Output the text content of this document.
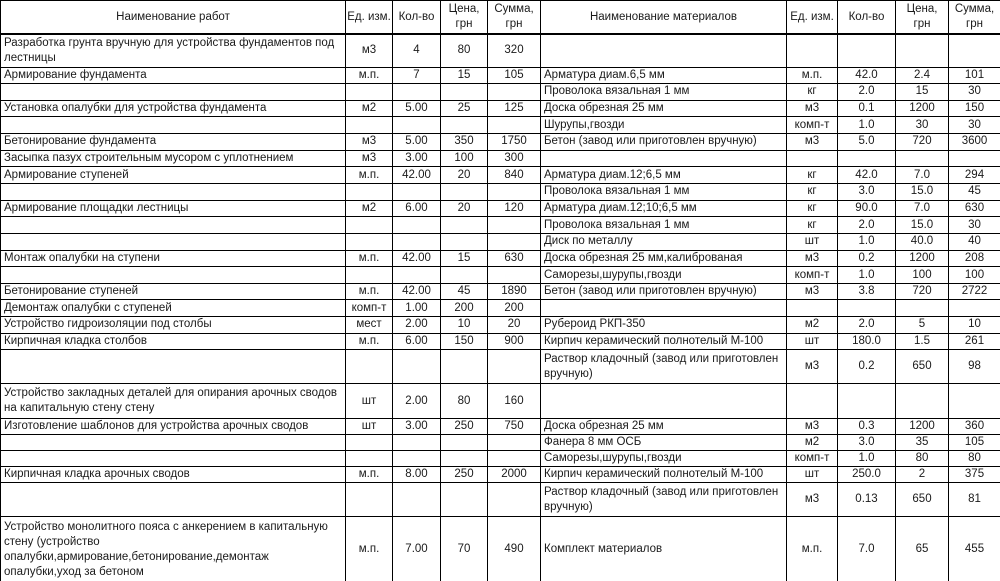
Наименование работ	Ед. изм.	Кол-во	Цена, грн	Сумма, грн	Наименование материалов	Ед. изм.	Кол-во	Цена, грн	Сумма, грн
Разработка грунта вручную для устройства фундаментов под лестницы	м3	4	80	320					
Армирование фундамента	м.п.	7	15	105	Арматура диам.6,5 мм	м.п.	42.0	2.4	101
					Проволока вязальная 1 мм	кг	2.0	15	30
Установка опалубки для устройства фундамента	м2	5.00	25	125	Доска обрезная 25 мм	м3	0.1	1200	150
					Шурупы,гвозди	комп-т	1.0	30	30
Бетонирование фундамента	м3	5.00	350	1750	Бетон (завод или приготовлен вручную)	м3	5.0	720	3600
Засыпка пазух строительным мусором с уплотнением	м3	3.00	100	300					
Армирование ступеней	м.п.	42.00	20	840	Арматура диам.12;6,5 мм	кг	42.0	7.0	294
					Проволока вязальная 1 мм	кг	3.0	15.0	45
Армирование площадки лестницы	м2	6.00	20	120	Арматура диам.12;10;6,5 мм	кг	90.0	7.0	630
					Проволока вязальная 1 мм	кг	2.0	15.0	30
					Диск по металлу	шт	1.0	40.0	40
Монтаж опалубки на ступени	м.п.	42.00	15	630	Доска обрезная 25 мм,калиброваная	м3	0.2	1200	208
					Саморезы,шурупы,гвозди	комп-т	1.0	100	100
Бетонирование ступеней	м.п.	42.00	45	1890	Бетон (завод или приготовлен вручную)	м3	3.8	720	2722
Демонтаж опалубки с ступеней	комп-т	1.00	200	200					
Устройство гидроизоляции под столбы	мест	2.00	10	20	Рубероид РКП-350	м2	2.0	5	10
Кирпичная кладка столбов	м.п.	6.00	150	900	Кирпич керамический полнотелый М-100	шт	180.0	1.5	261
					Раствор кладочный (завод или приготовлен вручную)	м3	0.2	650	98
Устройство закладных деталей для опирания арочных сводов на капитальную стену стену	шт	2.00	80	160					
Изготовление шаблонов для устройства арочных сводов	шт	3.00	250	750	Доска обрезная 25 мм	м3	0.3	1200	360
					Фанера 8 мм ОСБ	м2	3.0	35	105
					Саморезы,шурупы,гвозди	комп-т	1.0	80	80
Кирпичная кладка арочных сводов	м.п.	8.00	250	2000	Кирпич керамический полнотелый М-100	шт	250.0	2	375
					Раствор кладочный (завод или приготовлен вручную)	м3	0.13	650	81
Устройство монолитного пояса с анкерением в капитальную стену (устройство опалубки,армирование,бетонирование,демонтаж опалубки,уход за бетоном	м.п.	7.00	70	490	Комплект материалов	м.п.	7.0	65	455
